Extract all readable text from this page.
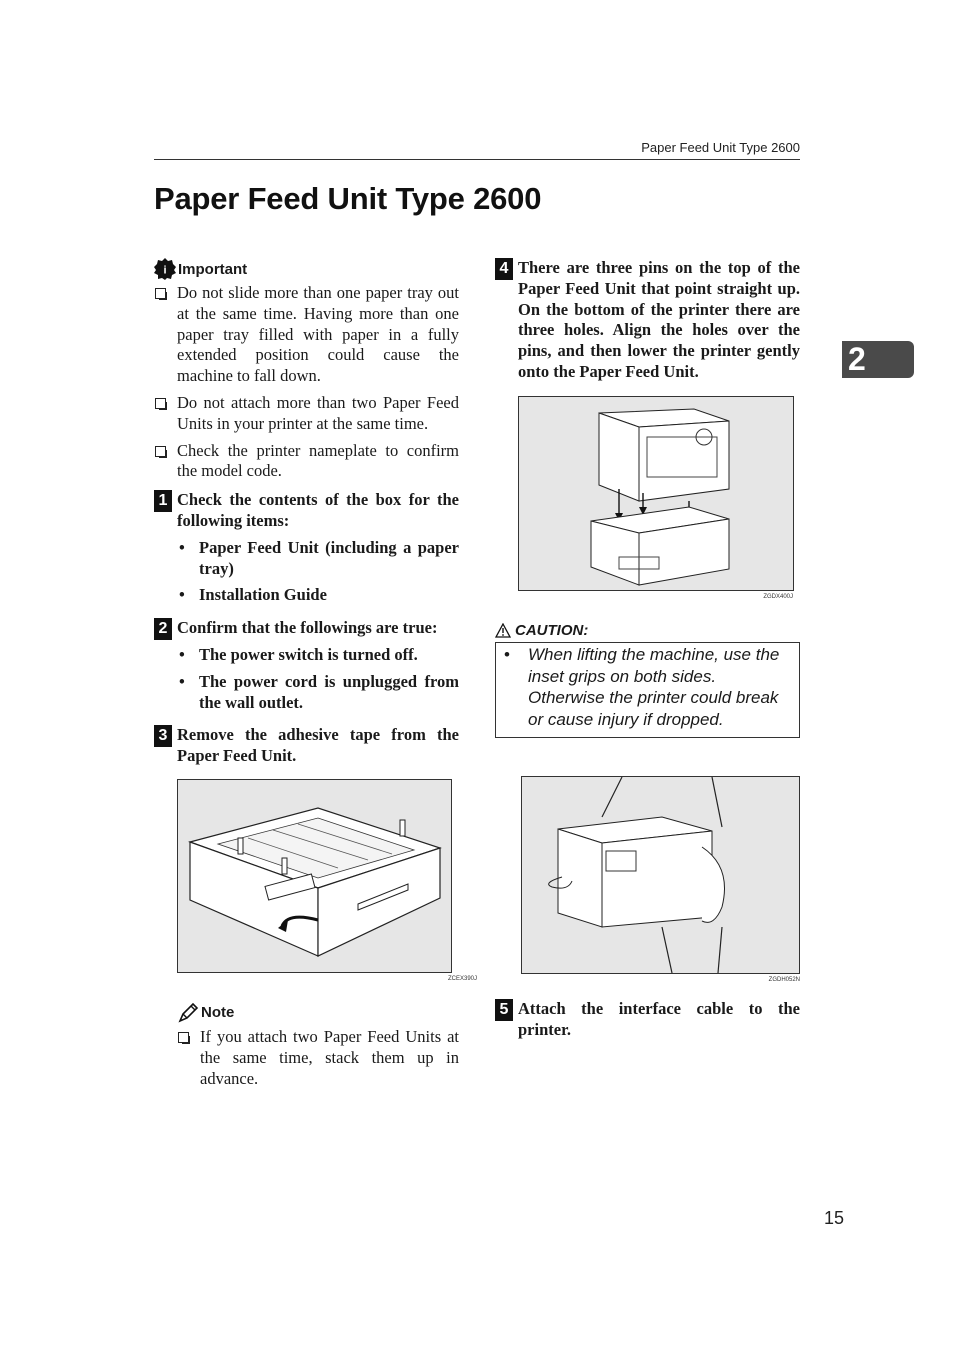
Paper Feed Unit Type 2600
Paper Feed Unit Type 2600
2
i Important
Do not slide more than one paper tray out at the same time. Having more than one paper tray filled with paper in a fully extended position could cause the machine to fall down.
Do not attach more than two Paper Feed Units in your printer at the same time.
Check the printer nameplate to confirm the model code.
1 Check the contents of the box for the following items:
• Paper Feed Unit (including a paper tray)
• Installation Guide
2 Confirm that the followings are true:
• The power switch is turned off.
• The power cord is unplugged from the wall outlet.
3 Remove the adhesive tape from the Paper Feed Unit.
ZCEX390J
Note
If you attach two Paper Feed Units at the same time, stack them up in advance.
4 There are three pins on the top of the Paper Feed Unit that point straight up. On the bottom of the printer there are three holes. Align the holes over the pins, and then lower the printer gently onto the Paper Feed Unit.
ZGDX400J
CAUTION:
• When lifting the machine, use the inset grips on both sides. Otherwise the printer could break or cause injury if dropped.
ZGDH052N
5 Attach the interface cable to the printer.
15
